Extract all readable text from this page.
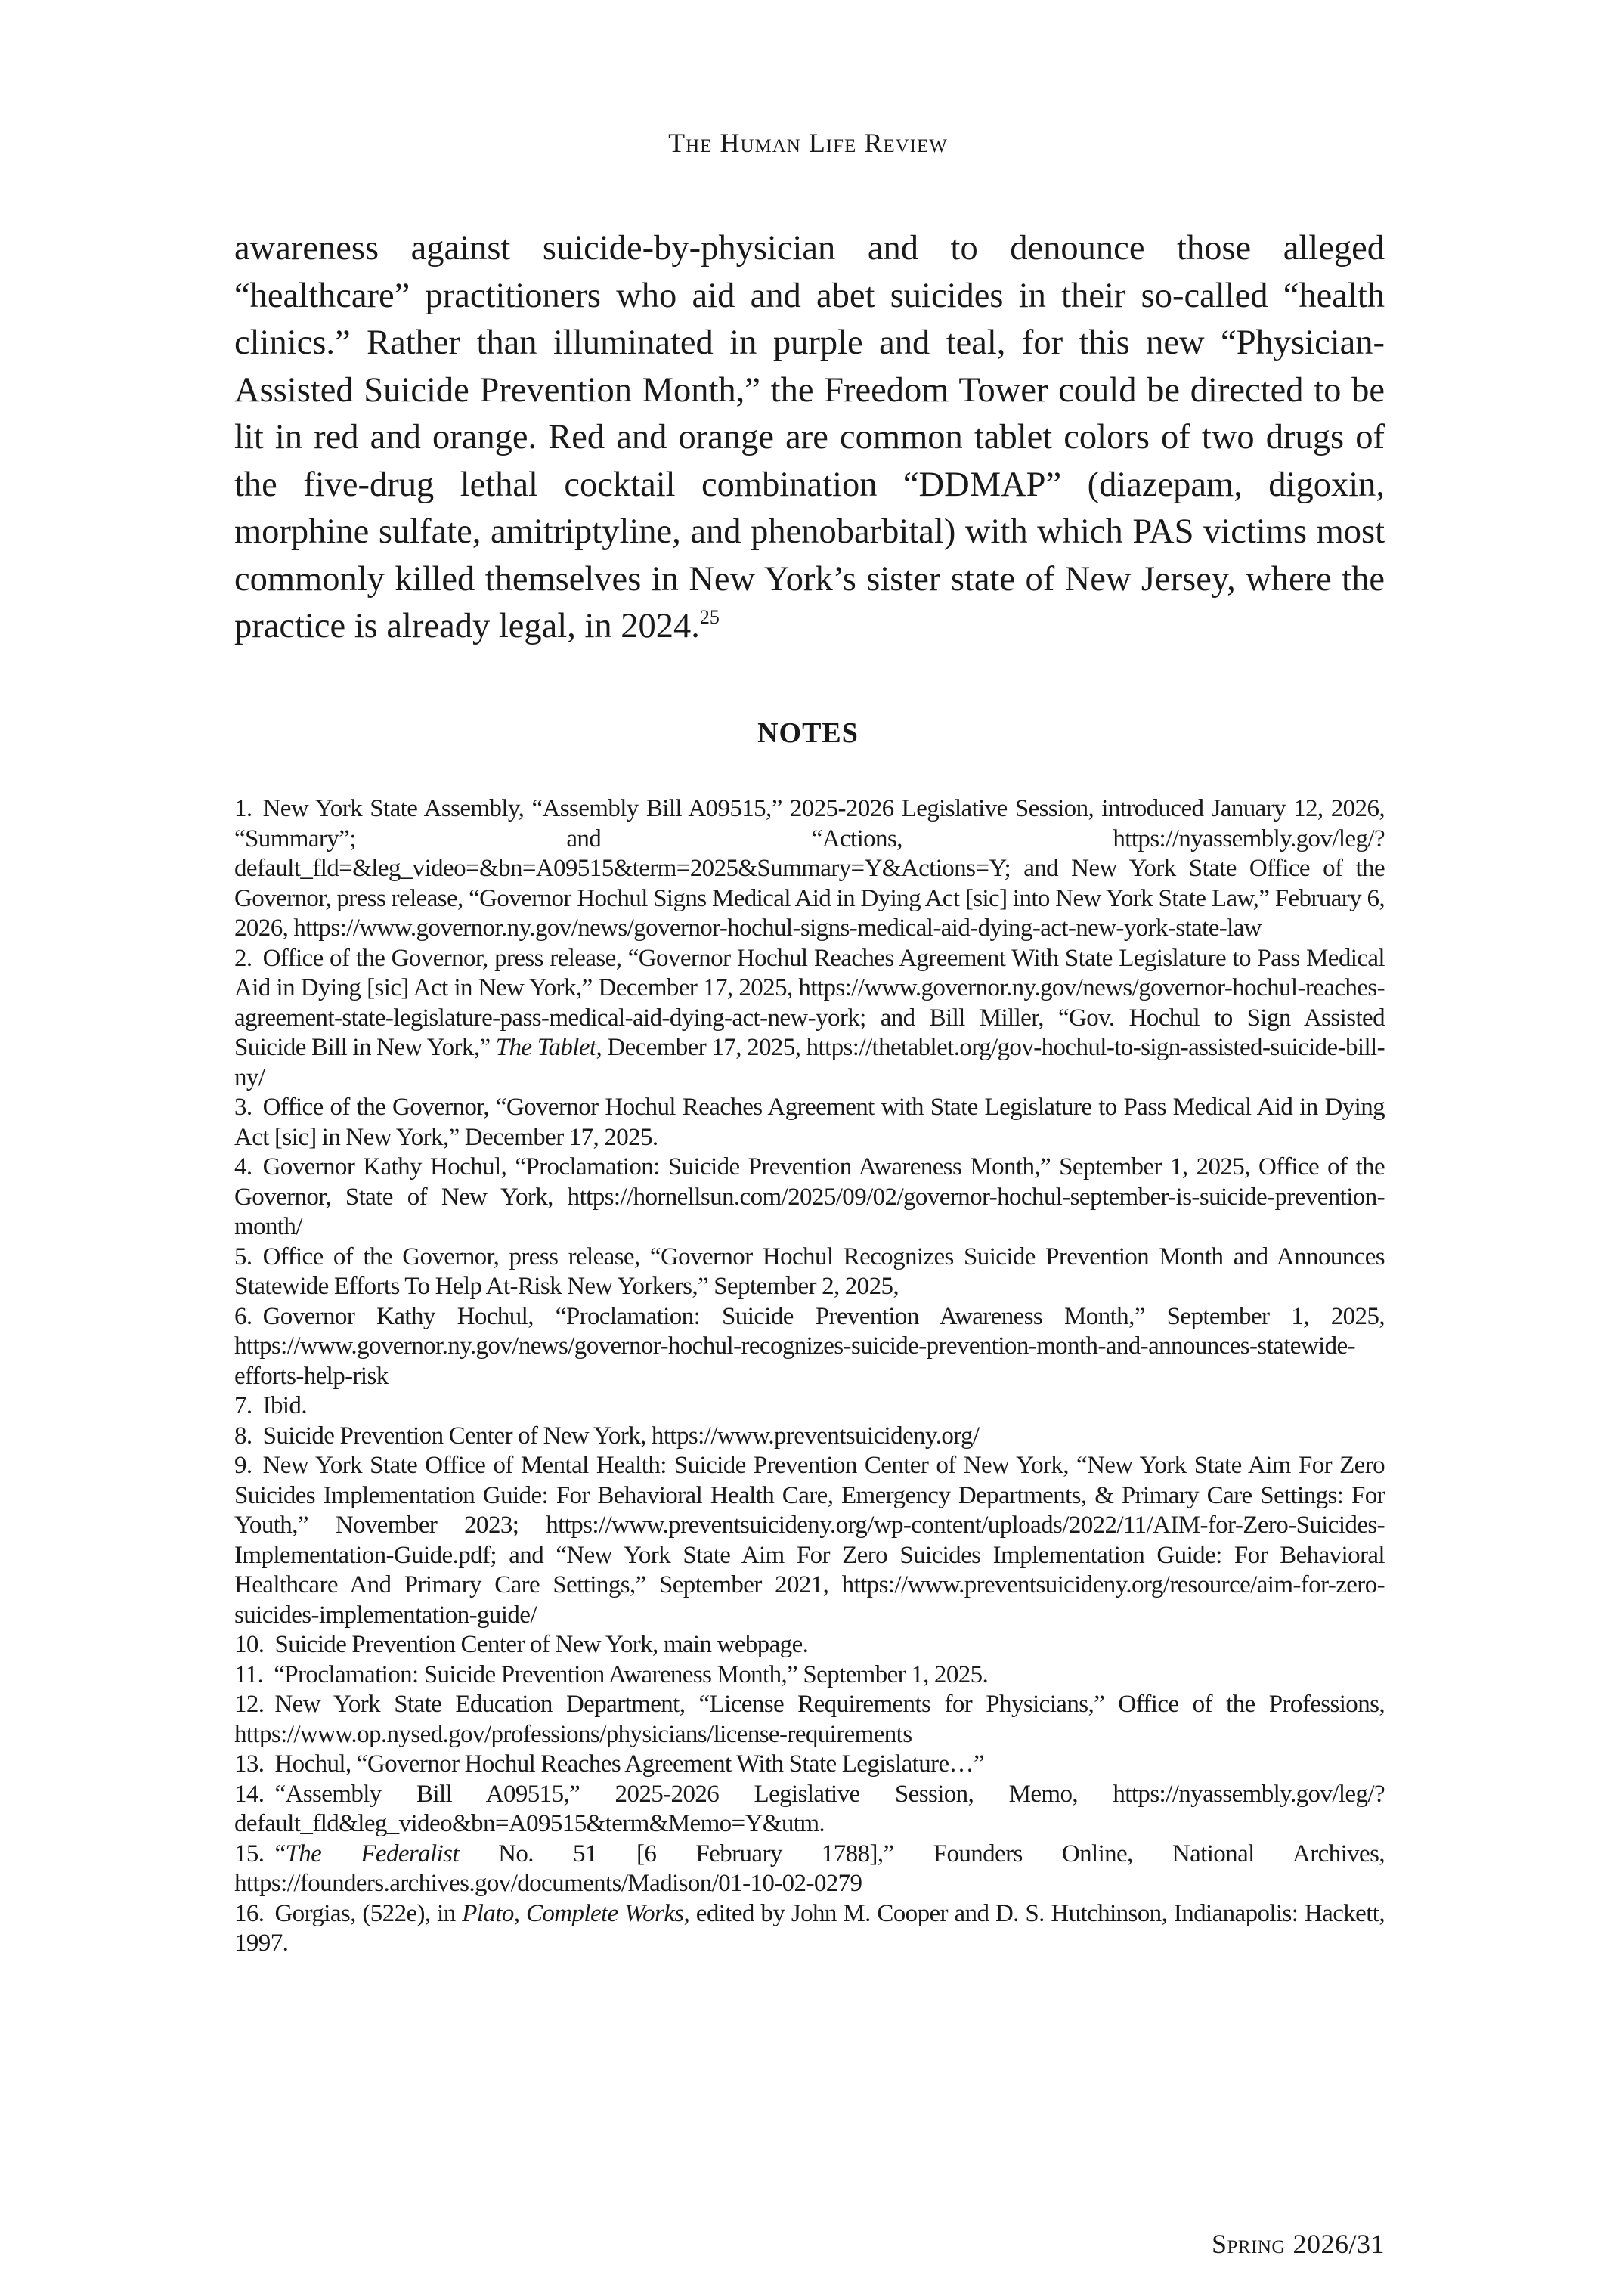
The Human Life Review

awareness against suicide-by-physician and to denounce those alleged “healthcare” practitioners who aid and abet suicides in their so-called “health clinics.” Rather than illuminated in purple and teal, for this new “Physician-Assisted Suicide Prevention Month,” the Freedom Tower could be directed to be lit in red and orange. Red and orange are common tablet colors of two drugs of the five-drug lethal cocktail combination “DDMAP” (diazepam, digoxin, morphine sulfate, amitriptyline, and phenobarbital) with which PAS victims most commonly killed themselves in New York’s sister state of New Jersey, where the practice is already legal, in 2024.25

NOTES

1. New York State Assembly, “Assembly Bill A09515,” 2025-2026 Legislative Session, introduced January 12, 2026, “Summary”; and “Actions, https://nyassembly.gov/leg/?default_fld=&leg_video=&bn=A09515&term=2025&Summary=Y&Actions=Y; and New York State Office of the Governor, press release, “Governor Hochul Signs Medical Aid in Dying Act [sic] into New York State Law,” February 6, 2026, https://www.governor.ny.gov/news/governor-hochul-signs-medical-aid-dying-act-new-york-state-law

2. Office of the Governor, press release, “Governor Hochul Reaches Agreement With State Legislature to Pass Medical Aid in Dying [sic] Act in New York,” December 17, 2025, https://www.governor.ny.gov/news/governor-hochul-reaches-agreement-state-legislature-pass-medical-aid-dying-act-new-york; and Bill Miller, “Gov. Hochul to Sign Assisted Suicide Bill in New York,” The Tablet, December 17, 2025, https://thetablet.org/gov-hochul-to-sign-assisted-suicide-bill-ny/

3. Office of the Governor, “Governor Hochul Reaches Agreement with State Legislature to Pass Medical Aid in Dying Act [sic] in New York,” December 17, 2025.

4. Governor Kathy Hochul, “Proclamation: Suicide Prevention Awareness Month,” September 1, 2025, Office of the Governor, State of New York, https://hornellsun.com/2025/09/02/governor-hochul-september-is-suicide-prevention-month/

5. Office of the Governor, press release, “Governor Hochul Recognizes Suicide Prevention Month and Announces Statewide Efforts To Help At-Risk New Yorkers,” September 2, 2025,

6. Governor Kathy Hochul, “Proclamation: Suicide Prevention Awareness Month,” September 1, 2025, https://www.governor.ny.gov/news/governor-hochul-recognizes-suicide-prevention-month-and-announces-statewide-efforts-help-risk

7. Ibid.

8. Suicide Prevention Center of New York, https://www.preventsuicideny.org/

9. New York State Office of Mental Health: Suicide Prevention Center of New York, “New York State Aim For Zero Suicides Implementation Guide: For Behavioral Health Care, Emergency Departments, & Primary Care Settings: For Youth,” November 2023; https://www.preventsuicideny.org/wp-content/uploads/2022/11/AIM-for-Zero-Suicides-Implementation-Guide.pdf; and “New York State Aim For Zero Suicides Implementation Guide: For Behavioral Healthcare And Primary Care Settings,” September 2021, https://www.preventsuicideny.org/resource/aim-for-zero-suicides-implementation-guide/

10. Suicide Prevention Center of New York, main webpage.

11. “Proclamation: Suicide Prevention Awareness Month,” September 1, 2025.

12. New York State Education Department, “License Requirements for Physicians,” Office of the Professions, https://www.op.nysed.gov/professions/physicians/license-requirements

13. Hochul, “Governor Hochul Reaches Agreement With State Legislature…”

14. “Assembly Bill A09515,” 2025-2026 Legislative Session, Memo, https://nyassembly.gov/leg/?default_fld&leg_video&bn=A09515&term&Memo=Y&utm.

15. “The Federalist No. 51 [6 February 1788],” Founders Online, National Archives, https://founders.archives.gov/documents/Madison/01-10-02-0279

16. Gorgias, (522e), in Plato, Complete Works, edited by John M. Cooper and D. S. Hutchinson, Indianapolis: Hackett, 1997.

Spring 2026/31
